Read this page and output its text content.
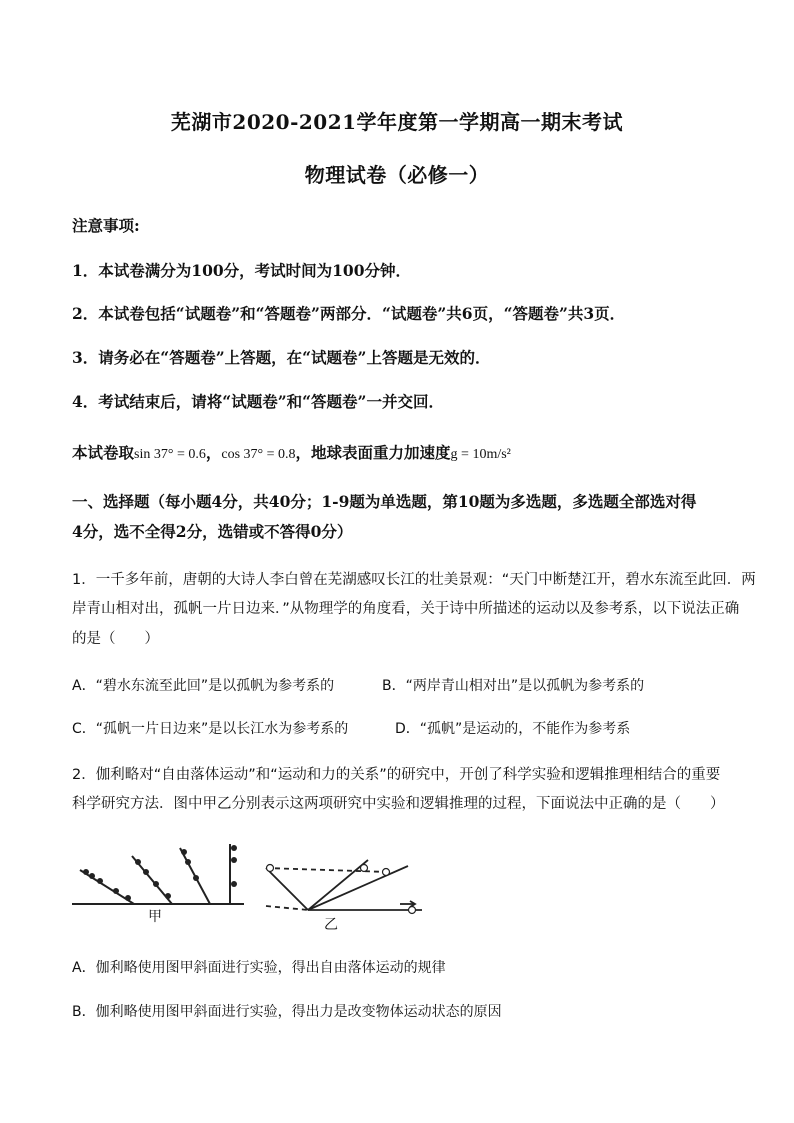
芜湖市2020-2021学年度第一学期高一期末考试
物理试卷（必修一）
注意事项:
1．本试卷满分为100分，考试时间为100分钟．
2．本试卷包括“试题卷”和“答题卷”两部分．“试题卷”共6页，“答题卷”共3页．
3．请务必在“答题卷”上答题，在“试题卷”上答题是无效的．
4．考试结束后，请将“试题卷”和“答题卷”一并交回．
本试卷取sin 37° = 0.6，cos 37° = 0.8，地球表面重力加速度g = 10m/s²
一、选择题（每小题4分，共40分；1-9题为单选题，第10题为多选题，多选题全部选对得
4分，选不全得2分，选错或不答得0分）
1．一千多年前，唐朝的大诗人李白曾在芜湖感叹长江的壮美景观：“天门中断楚江开，碧水东流至此回．两
岸青山相对出，孤帆一片日边来．”从物理学的角度看，关于诗中所描述的运动以及参考系，以下说法正确
的是（　　）
A．“碧水东流至此回”是以孤帆为参考系的	B．“两岸青山相对出”是以孤帆为参考系的
C．“孤帆一片日边来”是以长江水为参考系的	D．“孤帆”是运动的，不能作为参考系
2．伽利略对“自由落体运动”和“运动和力的关系”的研究中，开创了科学实验和逻辑推理相结合的重要
科学研究方法．图中甲乙分别表示这两项研究中实验和逻辑推理的过程，下面说法中正确的是（　　）
甲	乙
A．伽利略使用图甲斜面进行实验，得出自由落体运动的规律
B．伽利略使用图甲斜面进行实验，得出力是改变物体运动状态的原因
